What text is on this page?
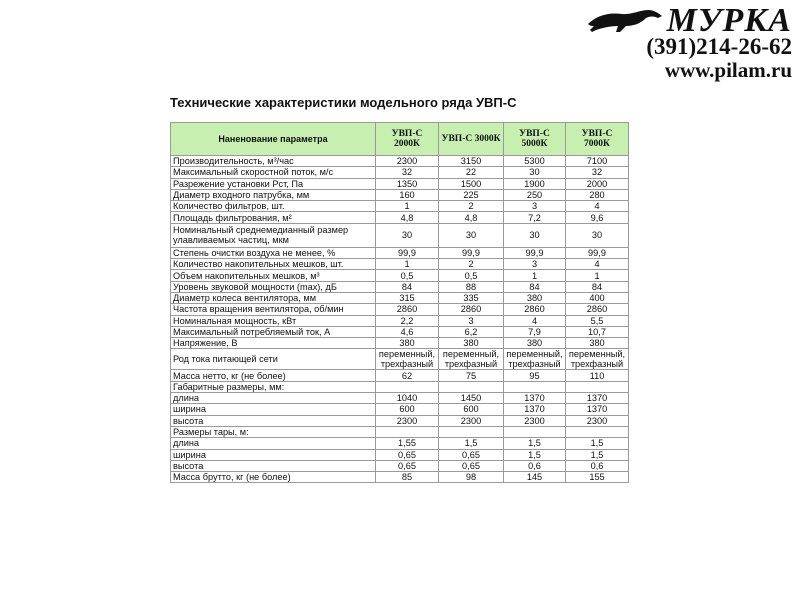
МУРКА
(391)214-26-62
www.pilam.ru
Технические характеристики модельного ряда УВП-С
Наненование параметра	УВП-С 2000К	УВП-С 3000К	УВП-С 5000К	УВП-С 7000К
Производительность, м³/час	2300	3150	5300	7100
Максимальный скоростной поток, м/с	32	22	30	32
Разрежение установки Рст, Па	1350	1500	1900	2000
Диаметр входного патрубка, мм	160	225	250	280
Количество фильтров, шт.	1	2	3	4
Площадь фильтрования, м²	4,8	4,8	7,2	9,6
Номинальный среднемедианный размер улавливаемых частиц, мкм	30	30	30	30
Степень очистки воздуха не менее, %	99,9	99,9	99,9	99,9
Количество накопительных мешков, шт.	1	2	3	4
Объем накопительных мешков, м³	0,5	0,5	1	1
Уровень звуковой мощности (max), дБ	84	88	84	84
Диаметр колеса вентилятора, мм	315	335	380	400
Частота вращения вентилятора, об/мин	2860	2860	2860	2860
Номинальная мощность, кВт	2,2	3	4	5,5
Максимальный потребляемый ток, А	4,6	6,2	7,9	10,7
Напряжение, В	380	380	380	380
Род тока питающей сети	переменный, трехфазный	переменный, трехфазный	переменный, трехфазный	переменный, трехфазный
Масса нетто, кг (не более)	62	75	95	110
Габаритные размеры, мм:				
длина	1040	1450	1370	1370
ширина	600	600	1370	1370
высота	2300	2300	2300	2300
Размеры тары, м:				
длина	1,55	1,5	1,5	1,5
ширина	0,65	0,65	1,5	1,5
высота	0,65	0,65	0,6	0,6
Масса брутто, кг (не более)	85	98	145	155
